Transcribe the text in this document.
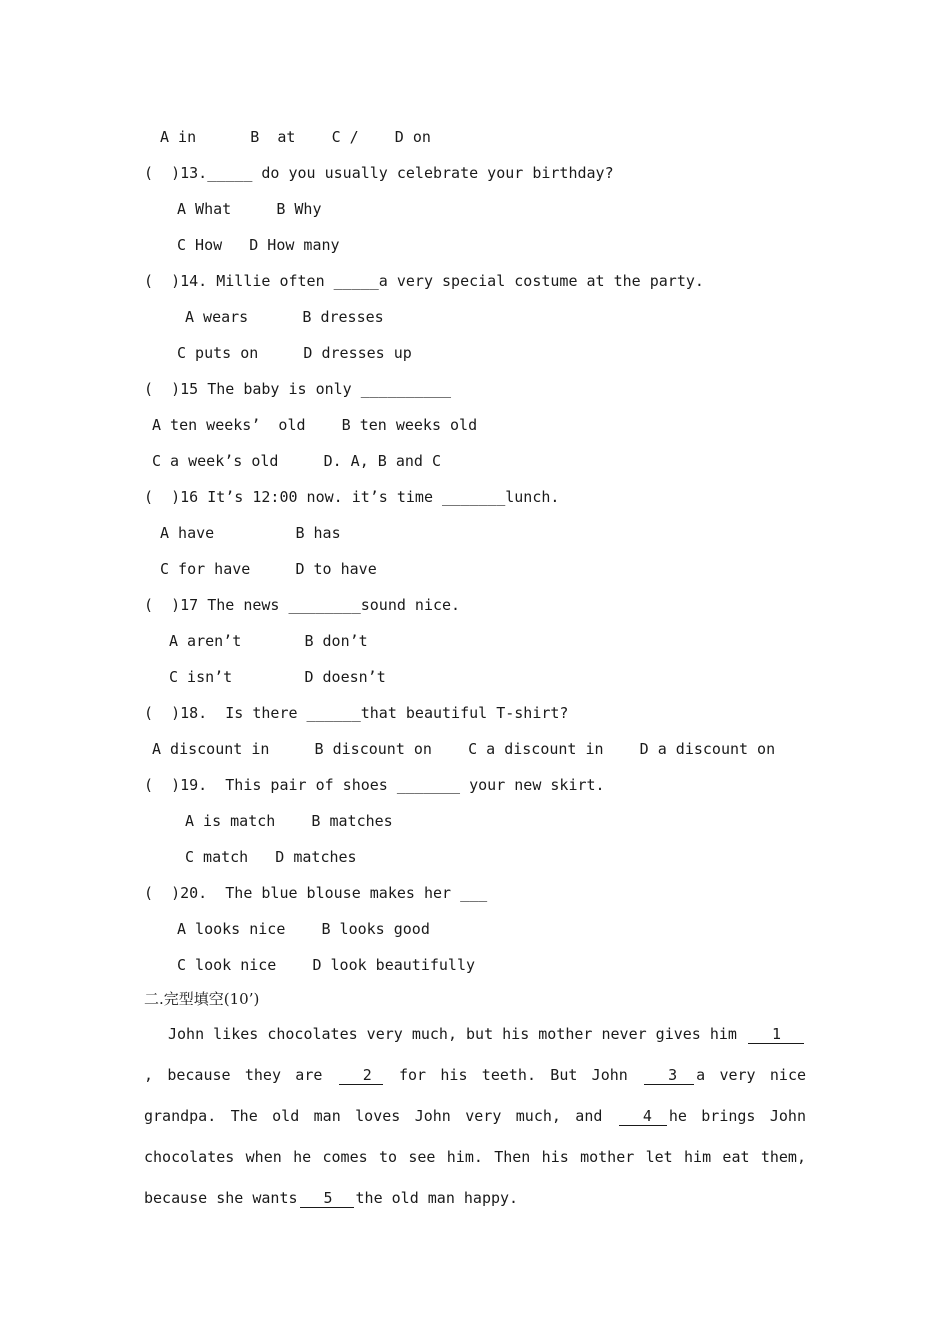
A in      B  at    C /    D on
(  )13._____ do you usually celebrate your birthday?
A What     B Why
C How   D How many
(  )14. Millie often _____a very special costume at the party.
A wears      B dresses
C puts on     D dresses up
(  )15 The baby is only __________
A ten weeks’  old    B ten weeks old
C a week’s old     D. A, B and C
(  )16 It’s 12:00 now. it’s time _______lunch.
A have         B has
C for have     D to have
(  )17 The news ________sound nice.
A aren’t       B don’t
C isn’t        D doesn’t
(  )18.  Is there ______that beautiful T-shirt?
A discount in     B discount on    C a discount in    D a discount on
(  )19.  This pair of shoes _______ your new skirt.
A is match    B matches
C match   D matches
(  )20.  The blue blouse makes her ___
A looks nice    B looks good
C look nice    D look beautifully
二.完型填空(10’)
John likes chocolates very much, but his mother never gives him 1, because they are	2 for his teeth. But John	3 a very nice grandpa. The old man loves John very much, and	4 he brings John chocolates when he comes to see him. Then his mother let him eat them, because she wants 5 the old man happy.
